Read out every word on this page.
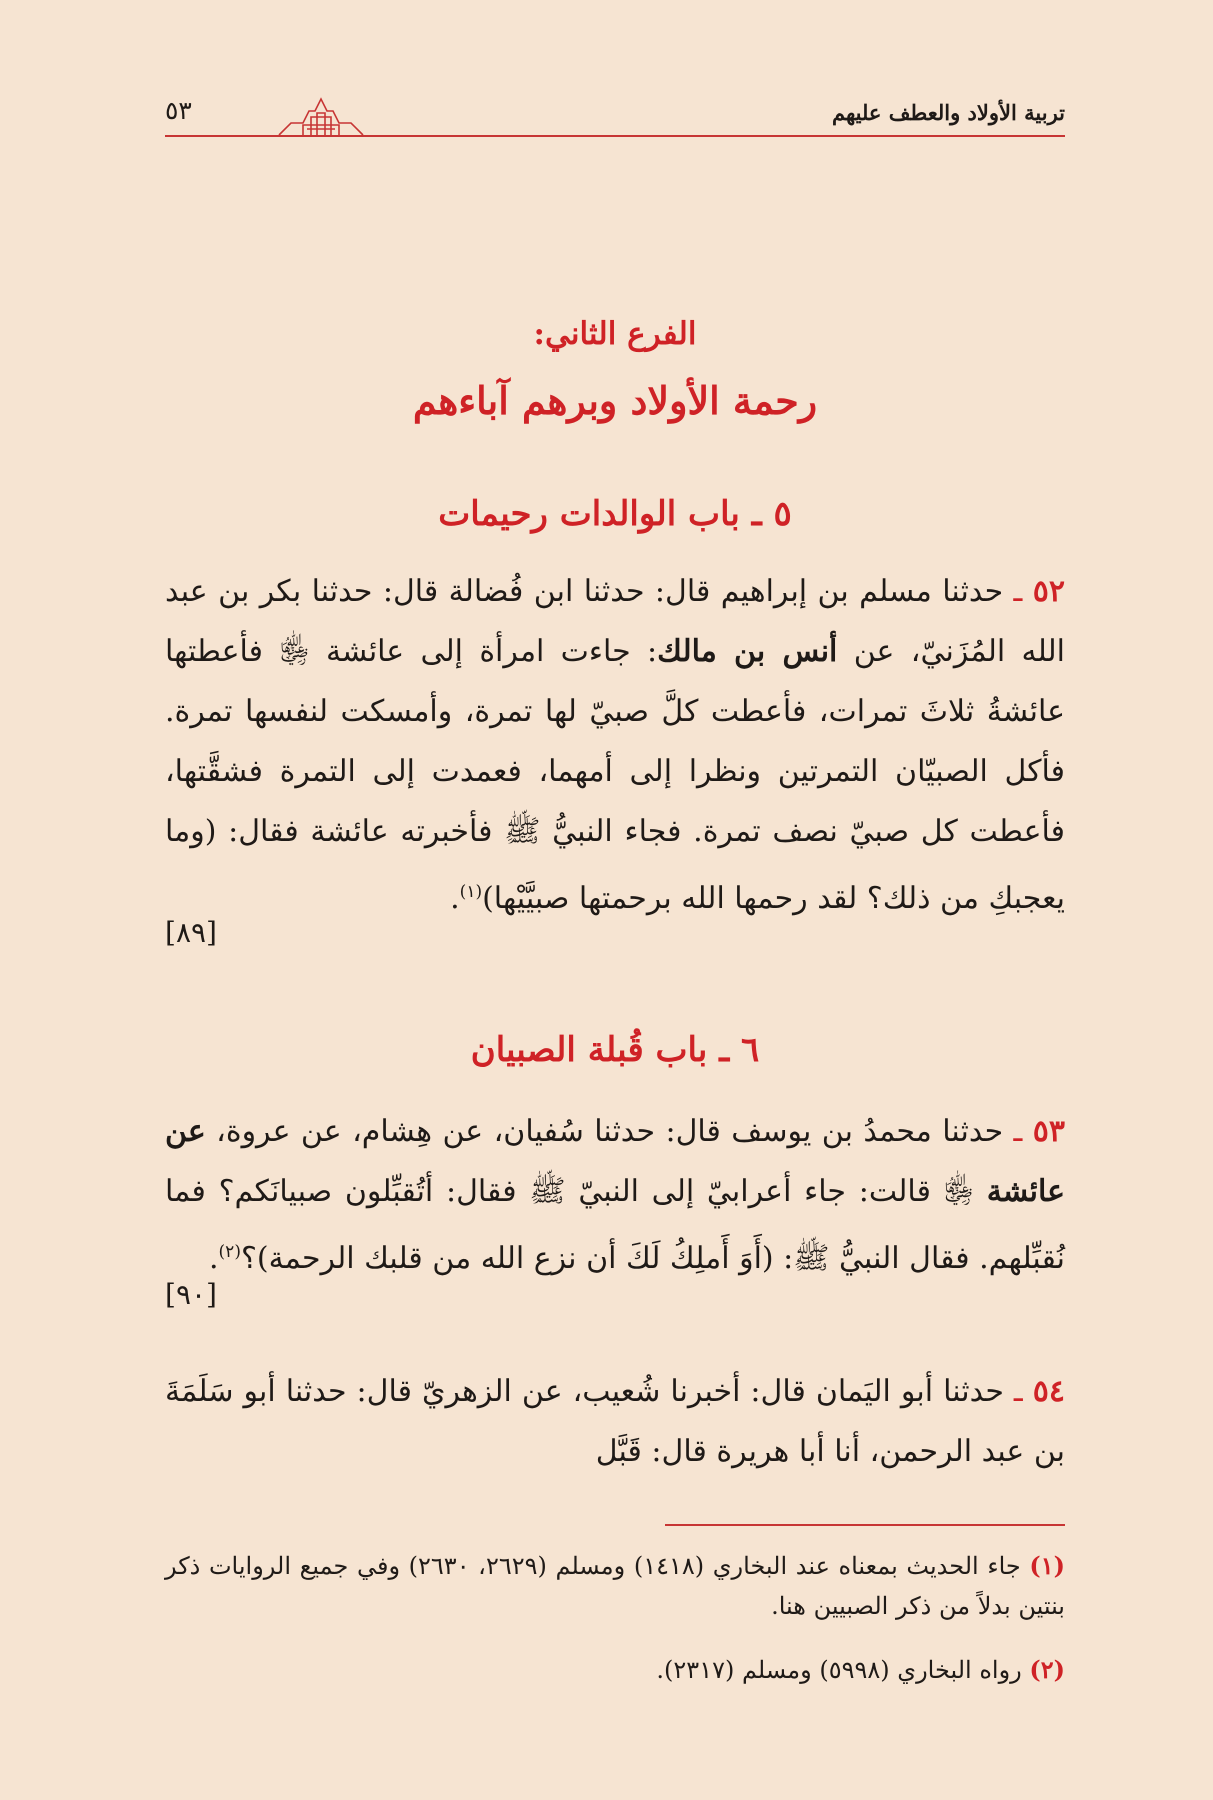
تربية الأولاد والعطف عليهم
٥٣
الفرع الثاني:
رحمة الأولاد وبرهم آباءهم
٥ ـ باب الوالدات رحيمات
٥٢ ـ حدثنا مسلم بن إبراهيم قال: حدثنا ابن فُضالة قال: حدثنا بكر بن عبد الله المُزَنيّ، عن أنس بن مالك: جاءت امرأة إلى عائشة ﵂ فأعطتها عائشةُ ثلاثَ تمرات، فأعطت كلَّ صبيّ لها تمرة، وأمسكت لنفسها تمرة. فأكل الصبيّان التمرتين ونظرا إلى أمهما، فعمدت إلى التمرة فشقَّتها، فأعطت كل صبيّ نصف تمرة. فجاء النبيُّ ﷺ فأخبرته عائشة فقال: (وما يعجبكِ من ذلك؟ لقد رحمها الله برحمتها صبيَّيْها)$^{(١)}$.
[٨٩]
٦ ـ باب قُبلة الصبيان
٥٣ ـ حدثنا محمدُ بن يوسف قال: حدثنا سُفيان، عن هِشام، عن عروة، عن عائشة ﵂ قالت: جاء أعرابيّ إلى النبيّ ﷺ فقال: أتُقبِّلون صبيانَكم؟ فما نُقبِّلهم. فقال النبيُّ ﷺ: (أَوَ أَملِكُ لَكَ أن نزع الله من قلبك الرحمة)؟$^{(٢)}$.
[٩٠]
٥٤ ـ حدثنا أبو اليَمان قال: أخبرنا شُعيب، عن الزهريّ قال: حدثنا أبو سَلَمَةَ بن عبد الرحمن، أنا أبا هريرة قال: قَبَّل
(١) جاء الحديث بمعناه عند البخاري (١٤١٨) ومسلم (٢٦٢٩، ٢٦٣٠) وفي جميع الروايات ذكر بنتين بدلاً من ذكر الصبيين هنا.
(٢) رواه البخاري (٥٩٩٨) ومسلم (٢٣١٧).
